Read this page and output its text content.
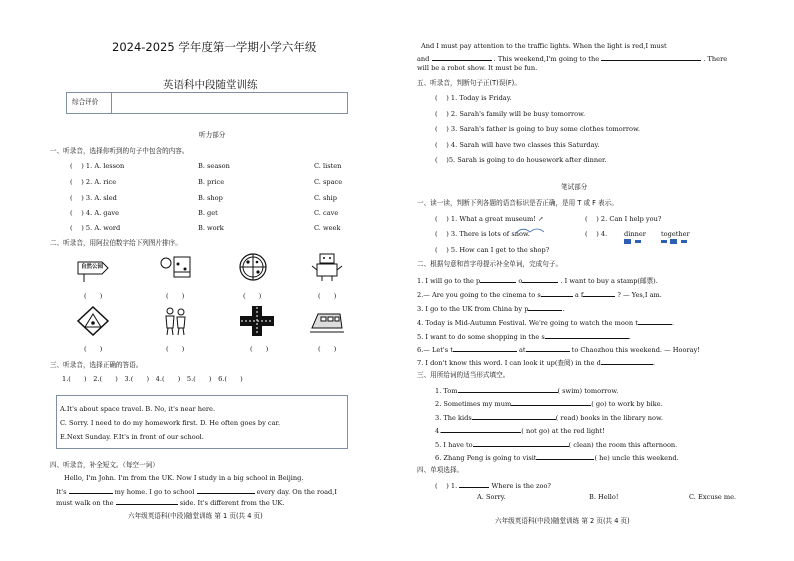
2024-2025 学年度第一学期小学六年级
英语科中段随堂训练
综合评价
听力部分
一、听录音，选择你听到的句子中包含的内容。
(　 ) 1. A. lesson	B. season	C. listen
(　 ) 2. A. rice	B. price	C. space
(　 ) 3. A. sled	B. shop	C. ship
(　 ) 4. A. gave	B. get	C. cave
(　 ) 5. A. word	B. work	C. week
二、听录音，用阿拉伯数字给下列图片排序。
自然公园
(　　)	(　　)	(　　)	(　　)
(　　)	(　　)	(　　)	(　　)
三、听录音，选择正确的答语。
1.(　　)　2.(　　)　3.(　　)　4.(　　)　5.(　　)　6.(　　)
A.It's about space travel. B. No, it's near here.
C. Sorry. I need to do my homework first. D. He often goes by car.
E.Next Sunday. F.It's in front of our school.
四、听录音，补全短文。（每空一词）
Hello, I'm John. I'm from the UK. Now I study in a big school in Beijing.
It's	my home. I go to school	every day. On the road,I
must walk on the	side. It's different from the UK.
六年级英语科(中段)随堂训练 第 1 页(共 4 页)
And I must pay attention to the traffic lights. When the light is red,I must
and	. This weekend,I'm going to the	. There
will be a robot show. It must be fun.
五、听录音，判断句子正(T)误(F)。
(　 ) 1. Today is Friday.
(　 ) 2. Sarah's family will be busy tomorrow.
(　 ) 3. Sarah's father is going to buy some clothes tomorrow.
(　 ) 4. Sarah will have two classes this Saturday.
(　 )5. Sarah is going to do housework after dinner.
笔试部分
一、读一读，判断下列各题的语音标识是否正确，是用 T 或 F 表示。
(　 ) 1. What a great museum! ↗	(　 ) 2. Can I help you?
(　 ) 3. There is lots of snow.	(　 ) 4.	dinner together
(　 ) 5. How can I get to the shop?
二、根据句意和首字母提示补全单词，完成句子。
1. I will go to the p	o	. I want to buy a stamp(邮票).
2.— Are you going to the cinema to s	a f	? — Yes,I am.
3. I go to the UK from China by p	.
4. Today is Mid-Autumn Festival. We're going to watch the moon t	.
5. I want to do some shopping in the s	.
6.— Let's t	at	to Chaozhou this weekend. — Hooray!
7. I don't know this word. I can look it up(查阅) in the d	.
三、用所给词的适当形式填空。
1. Tom	( swim) tomorrow.
2. Sometimes my mum	( go) to work by bike.
3. The kids	( read) books in the library now.
4.	( not go) at the red light!
5. I have to	( clean) the room this afternoon.
6. Zhang Peng is going to visit	( he) uncle this weekend.
四、单项选择。
(　 ) 1.	Where is the zoo?
A. Sorry.	B. Hello!	C. Excuse me.
六年级英语科(中段)随堂训练 第 2 页(共 4 页)
